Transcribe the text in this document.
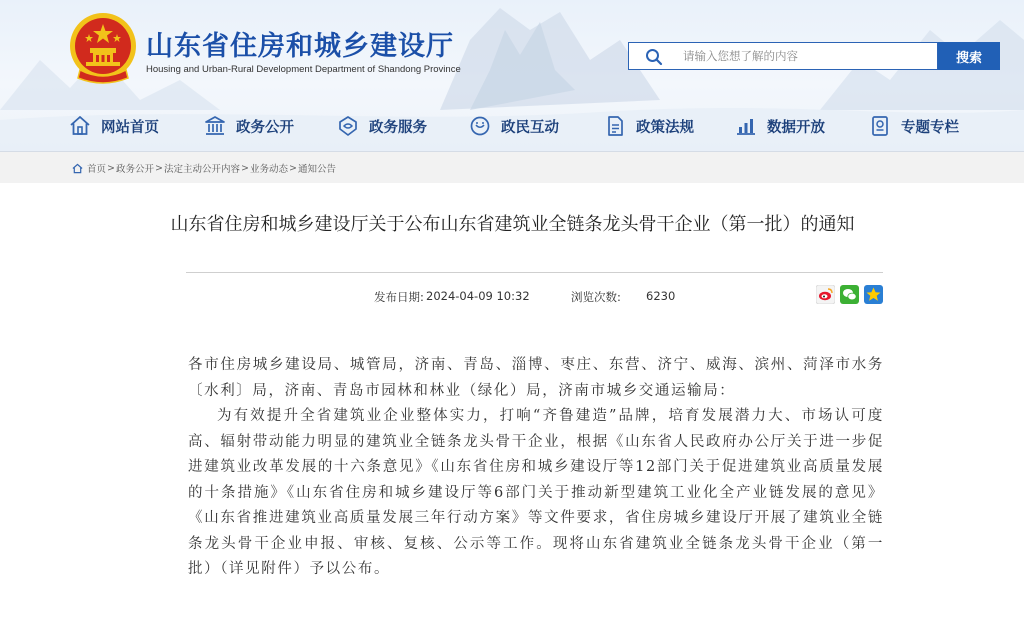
山东省住房和城乡建设厅
Housing and Urban-Rural Development Department of Shandong Province
请输入您想了解的内容
搜索
网站首页	政务公开	政务服务	政民互动	政策法规	数据开放	专题专栏
首页 > 政务公开 > 法定主动公开内容 > 业务动态 > 通知公告
山东省住房和城乡建设厅关于公布山东省建筑业全链条龙头骨干企业（第一批）的通知
发布日期: 2024-04-09 10:32	浏览次数: 6230

各市住房城乡建设局、城管局，济南、青岛、淄博、枣庄、东营、济宁、威海、滨州、菏泽市水务〔水利〕局，济南、青岛市园林和林业（绿化）局，济南市城乡交通运输局：

为有效提升全省建筑业企业整体实力，打响“齐鲁建造”品牌，培育发展潜力大、市场认可度高、辐射带动能力明显的建筑业全链条龙头骨干企业，根据《山东省人民政府办公厅关于进一步促进建筑业改革发展的十六条意见》《山东省住房和城乡建设厅等12部门关于促进建筑业高质量发展的十条措施》《山东省住房和城乡建设厅等6部门关于推动新型建筑工业化全产业链发展的意见》《山东省推进建筑业高质量发展三年行动方案》等文件要求，省住房城乡建设厅开展了建筑业全链条龙头骨干企业申报、审核、复核、公示等工作。现将山东省建筑业全链条龙头骨干企业（第一批）（详见附件）予以公布。
